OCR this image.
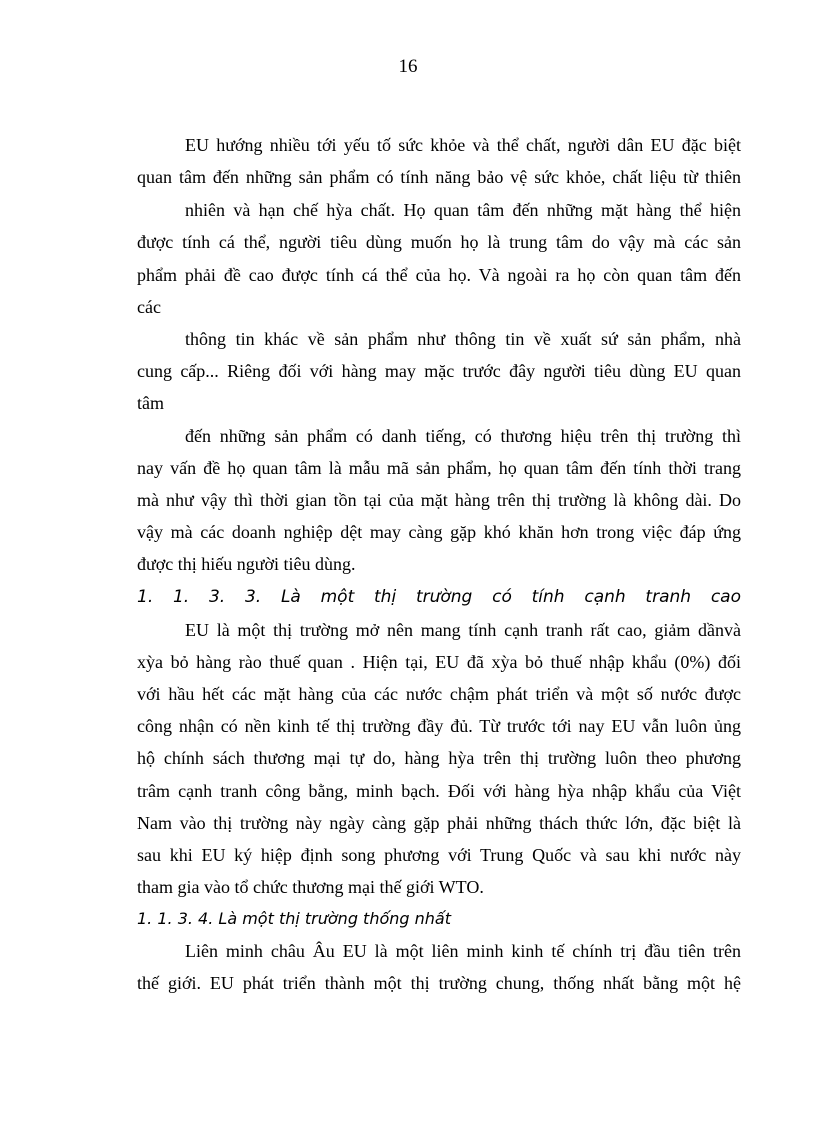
16
EU hướng nhiều tới yếu tố sức khỏe và thể chất, người dân EU đặc biệt
quan tâm đến những sản phẩm có tính năng bảo vệ sức khỏe, chất liệu từ thiên
nhiên và hạn chế hỳa chất. Họ quan tâm đến những mặt hàng thể hiện
được tính cá thể, người tiêu dùng muốn họ là trung tâm do vậy mà các sản
phẩm phải đề cao được tính cá thể của họ. Và ngoài ra họ còn quan tâm đến
các
thông tin khác về sản phẩm như thông tin về xuất sứ sản phẩm, nhà
cung cấp... Riêng đối với hàng may mặc trước đây người tiêu dùng EU quan
tâm
đến những sản phẩm có danh tiếng, có thương hiệu trên thị trường thì
nay vấn đề họ quan tâm là mẫu mã sản phẩm, họ quan tâm đến tính thời trang
mà như vậy thì thời gian tồn tại của mặt hàng trên thị trường là không dài. Do
vậy mà các doanh nghiệp dệt may càng gặp khó khăn hơn trong việc đáp ứng
được thị hiếu người tiêu dùng.
1. 1. 3. 3. Là một thị trường có tính cạnh tranh cao
EU là một thị trường mở nên mang tính cạnh tranh rất cao, giảm dầnvà
xỳa bỏ hàng rào thuế quan . Hiện tại, EU đã xỳa bỏ thuế nhập khẩu (0%) đối
với hầu hết các mặt hàng của các nước chậm phát triển và một số nước được
công nhận có nền kinh tế thị trường đầy đủ. Từ trước tới nay EU vẫn luôn ủng
hộ chính sách thương mại tự do, hàng hỳa trên thị trường luôn theo phương
trâm cạnh tranh công bằng, minh bạch. Đối với hàng hỳa nhập khẩu của Việt
Nam vào thị trường này ngày càng gặp phải những thách thức lớn, đặc biệt là
sau khi EU ký hiệp định song phương với Trung Quốc và sau khi nước này
tham gia vào tổ chức thương mại thế giới WTO.
1. 1. 3. 4. Là một thị trường thống nhất
Liên minh châu Âu EU là một liên minh kinh tế chính trị đầu tiên trên
thế giới. EU phát triển thành một thị trường chung, thống nhất bằng một hệ
